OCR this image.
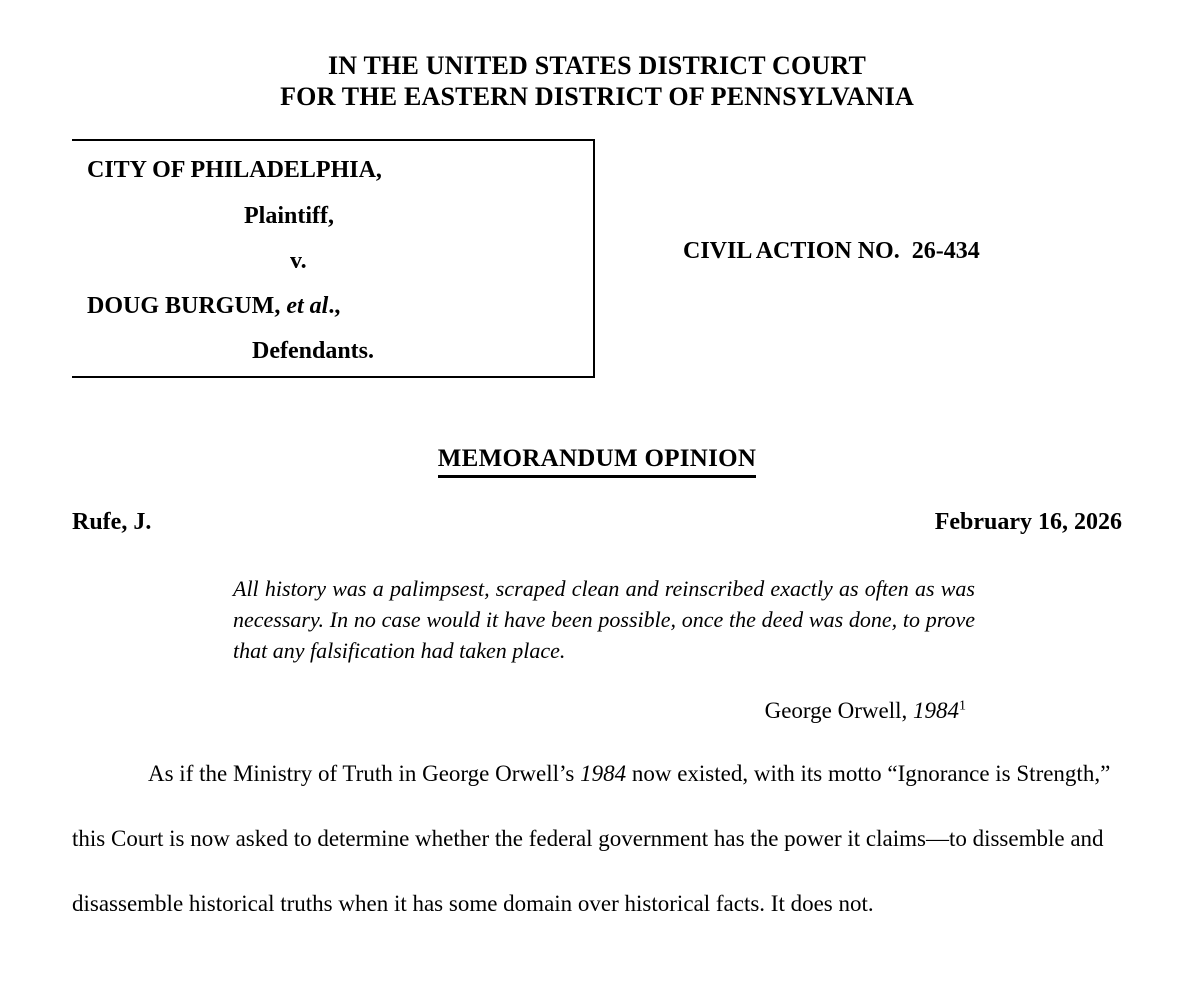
IN THE UNITED STATES DISTRICT COURT
FOR THE EASTERN DISTRICT OF PENNSYLVANIA
CITY OF PHILADELPHIA,
Plaintiff,
v.
DOUG BURGUM, et al.,
Defendants.
CIVIL ACTION NO.  26-434
MEMORANDUM OPINION
Rufe, J.	February 16, 2026
All history was a palimpsest, scraped clean and reinscribed exactly as often as was necessary. In no case would it have been possible, once the deed was done, to prove that any falsification had taken place.
George Orwell, 1984$^1$

As if the Ministry of Truth in George Orwell’s 1984 now existed, with its motto “Ignorance is Strength,” this Court is now asked to determine whether the federal government has the power it claims—to dissemble and disassemble historical truths when it has some domain over historical facts. It does not.
